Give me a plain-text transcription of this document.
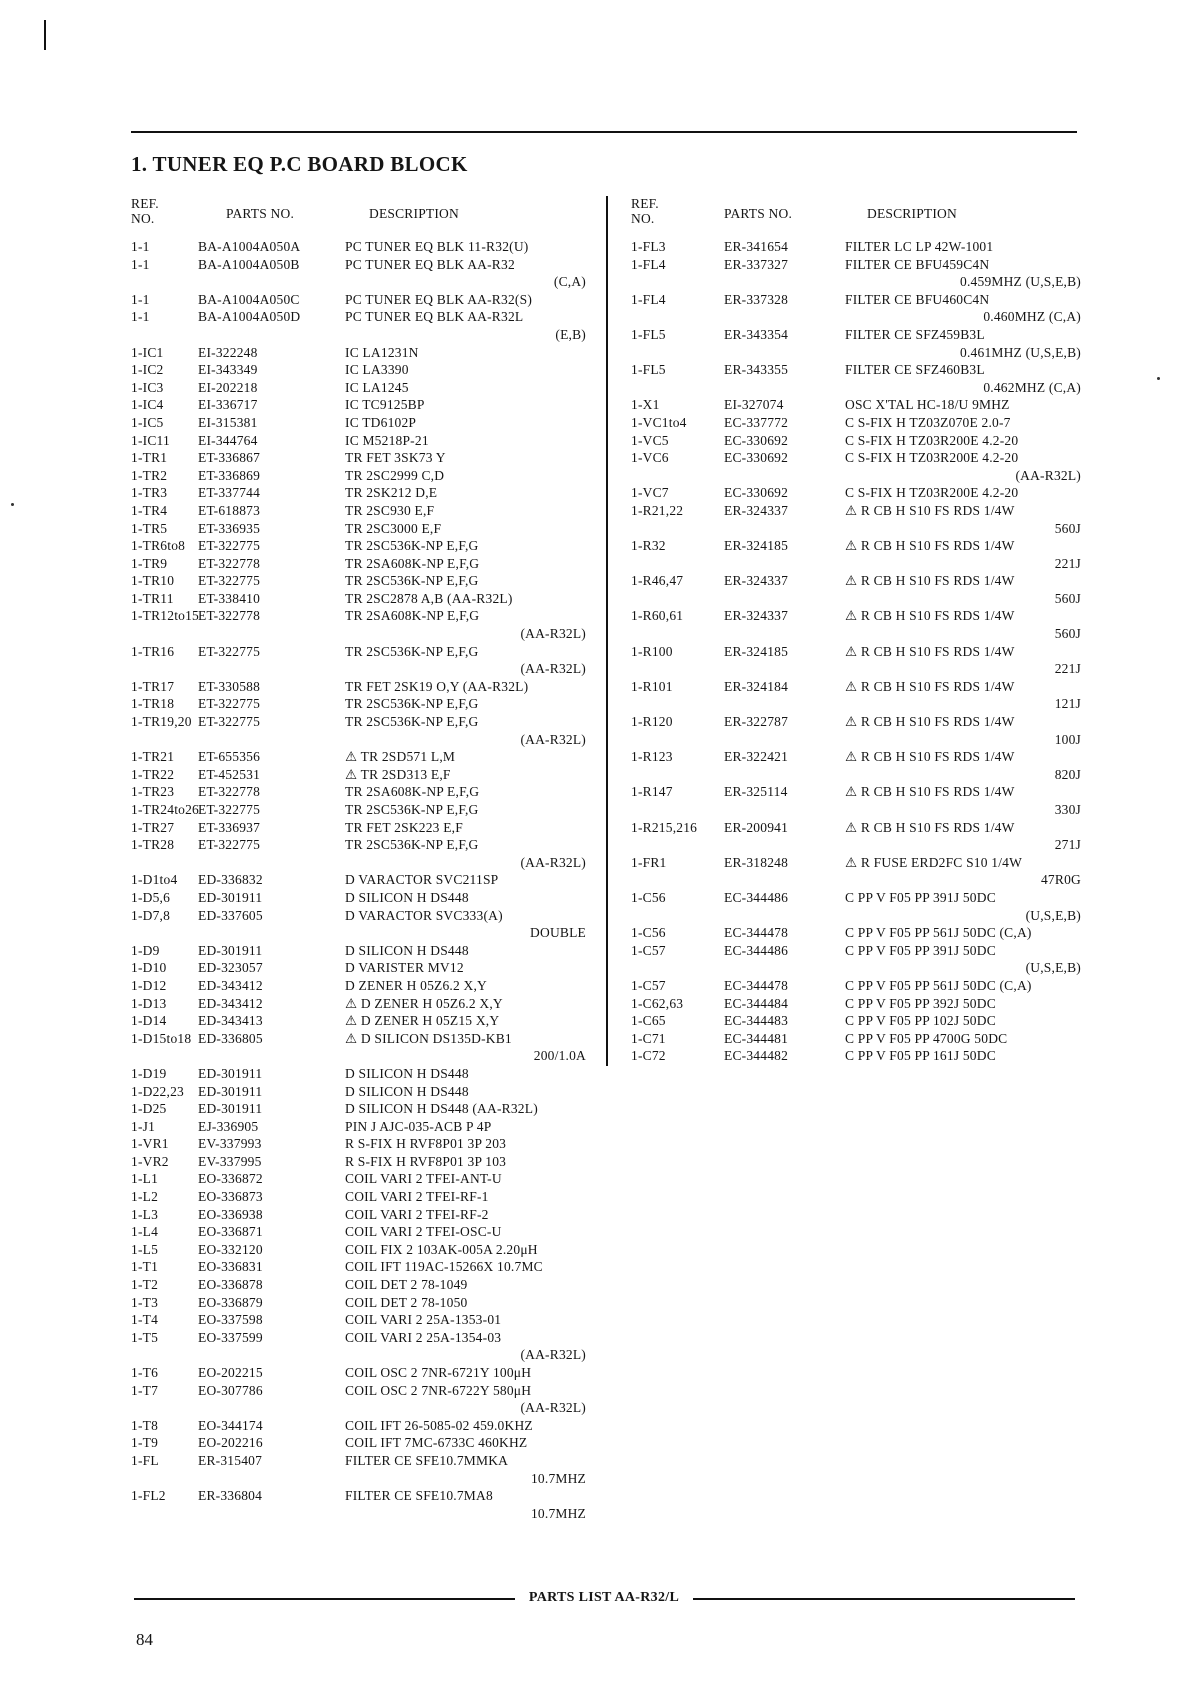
1. TUNER EQ P.C BOARD BLOCK
REF.
NO.	PARTS NO.	DESCRIPTION
1-1	BA-A1004A050A	PC TUNER EQ BLK 11-R32(U)
1-1	BA-A1004A050B	PC TUNER EQ BLK AA-R32
(C,A)
1-1	BA-A1004A050C	PC TUNER EQ BLK AA-R32(S)
1-1	BA-A1004A050D	PC TUNER EQ BLK AA-R32L
(E,B)
1-IC1	EI-322248	IC LA1231N
1-IC2	EI-343349	IC LA3390
1-IC3	EI-202218	IC LA1245
1-IC4	EI-336717	IC TC9125BP
1-IC5	EI-315381	IC TD6102P
1-IC11 EI-344764	IC M5218P-21
1-TR1 ET-336867	TR FET 3SK73 Y
1-TR2 ET-336869	TR 2SC2999 C,D
1-TR3 ET-337744	TR 2SK212 D,E
1-TR4 ET-618873	TR 2SC930 E,F
1-TR5 ET-336935	TR 2SC3000 E,F
1-TR6to8 ET-322775	TR 2SC536K-NP E,F,G
1-TR9 ET-322778	TR 2SA608K-NP E,F,G
1-TR10 ET-322775	TR 2SC536K-NP E,F,G
1-TR11 ET-338410	TR 2SC2878 A,B (AA-R32L)
1-TR12to15 ET-322778	TR 2SA608K-NP E,F,G
(AA-R32L)
1-TR16 ET-322775	TR 2SC536K-NP E,F,G
(AA-R32L)
1-TR17 ET-330588	TR FET 2SK19 O,Y (AA-R32L)
1-TR18 ET-322775	TR 2SC536K-NP E,F,G
1-TR19,20 ET-322775	TR 2SC536K-NP E,F,G
(AA-R32L)
1-TR21 ET-655356	⚠ TR 2SD571 L,M
1-TR22 ET-452531	⚠ TR 2SD313 E,F
1-TR23 ET-322778	TR 2SA608K-NP E,F,G
1-TR24to26 ET-322775	TR 2SC536K-NP E,F,G
1-TR27 ET-336937	TR FET 2SK223 E,F
1-TR28 ET-322775	TR 2SC536K-NP E,F,G
(AA-R32L)
1-D1to4 ED-336832	D VARACTOR SVC211SP
1-D5,6 ED-301911	D SILICON H DS448
1-D7,8 ED-337605	D VARACTOR SVC333(A)
DOUBLE
1-D9	ED-301911	D SILICON H DS448
1-D10 ED-323057	D VARISTER MV12
1-D12 ED-343412	D ZENER H 05Z6.2 X,Y
1-D13 ED-343412	⚠ D ZENER H 05Z6.2 X,Y
1-D14 ED-343413	⚠ D ZENER H 05Z15 X,Y
1-D15to18 ED-336805	⚠ D SILICON DS135D-KB1
200/1.0A
1-D19 ED-301911	D SILICON H DS448
1-D22,23 ED-301911	D SILICON H DS448
1-D25 ED-301911	D SILICON H DS448 (AA-R32L)
1-J1	EJ-336905	PIN J AJC-035-ACB P 4P
1-VR1 EV-337993	R S-FIX H RVF8P01 3P 203
1-VR2 EV-337995	R S-FIX H RVF8P01 3P 103
1-L1	EO-336872	COIL VARI 2 TFEI-ANT-U
1-L2	EO-336873	COIL VARI 2 TFEI-RF-1
1-L3	EO-336938	COIL VARI 2 TFEI-RF-2
1-L4	EO-336871	COIL VARI 2 TFEI-OSC-U
1-L5	EO-332120	COIL FIX 2 103AK-005A 2.20μH
1-T1	EO-336831	COIL IFT 119AC-15266X 10.7MC
1-T2	EO-336878	COIL DET 2 78-1049
1-T3	EO-336879	COIL DET 2 78-1050
1-T4	EO-337598	COIL VARI 2 25A-1353-01
1-T5	EO-337599	COIL VARI 2 25A-1354-03
(AA-R32L)
1-T6	EO-202215	COIL OSC 2 7NR-6721Y 100μH
1-T7	EO-307786	COIL OSC 2 7NR-6722Y 580μH
(AA-R32L)
1-T8	EO-344174	COIL IFT 26-5085-02 459.0KHZ
1-T9	EO-202216	COIL IFT 7MC-6733C 460KHZ
1-FL	ER-315407	FILTER CE SFE10.7MMKA
10.7MHZ
1-FL2 ER-336804	FILTER CE SFE10.7MA8
10.7MHZ
REF.
NO.	PARTS NO.	DESCRIPTION
1-FL3	ER-341654	FILTER LC LP 42W-1001
1-FL4	ER-337327	FILTER CE BFU459C4N
0.459MHZ (U,S,E,B)
1-FL4	ER-337328	FILTER CE BFU460C4N
0.460MHZ (C,A)
1-FL5	ER-343354	FILTER CE SFZ459B3L
0.461MHZ (U,S,E,B)
1-FL5	ER-343355	FILTER CE SFZ460B3L
0.462MHZ (C,A)
1-X1	EI-327074	OSC X'TAL HC-18/U 9MHZ
1-VC1to4	EC-337772	C S-FIX H TZ03Z070E 2.0-7
1-VC5	EC-330692	C S-FIX H TZ03R200E 4.2-20
1-VC6	EC-330692	C S-FIX H TZ03R200E 4.2-20
(AA-R32L)
1-VC7	EC-330692	C S-FIX H TZ03R200E 4.2-20
1-R21,22	ER-324337	⚠ R CB H S10 FS RDS 1/4W
560J
1-R32	ER-324185	⚠ R CB H S10 FS RDS 1/4W
221J
1-R46,47	ER-324337	⚠ R CB H S10 FS RDS 1/4W
560J
1-R60,61	ER-324337	⚠ R CB H S10 FS RDS 1/4W
560J
1-R100	ER-324185	⚠ R CB H S10 FS RDS 1/4W
221J
1-R101	ER-324184	⚠ R CB H S10 FS RDS 1/4W
121J
1-R120	ER-322787	⚠ R CB H S10 FS RDS 1/4W
100J
1-R123	ER-322421	⚠ R CB H S10 FS RDS 1/4W
820J
1-R147	ER-325114	⚠ R CB H S10 FS RDS 1/4W
330J
1-R215,216 ER-200941	⚠ R CB H S10 FS RDS 1/4W
271J
1-FR1	ER-318248	⚠ R FUSE ERD2FC S10 1/4W
47R0G
1-C56	EC-344486	C PP V F05 PP 391J 50DC
(U,S,E,B)
1-C56	EC-344478	C PP V F05 PP 561J 50DC (C,A)
1-C57	EC-344486	C PP V F05 PP 391J 50DC
(U,S,E,B)
1-C57	EC-344478	C PP V F05 PP 561J 50DC (C,A)
1-C62,63	EC-344484	C PP V F05 PP 392J 50DC
1-C65	EC-344483	C PP V F05 PP 102J 50DC
1-C71	EC-344481	C PP V F05 PP 4700G 50DC
1-C72	EC-344482	C PP V F05 PP 161J 50DC
PARTS LIST AA-R32/L
84
